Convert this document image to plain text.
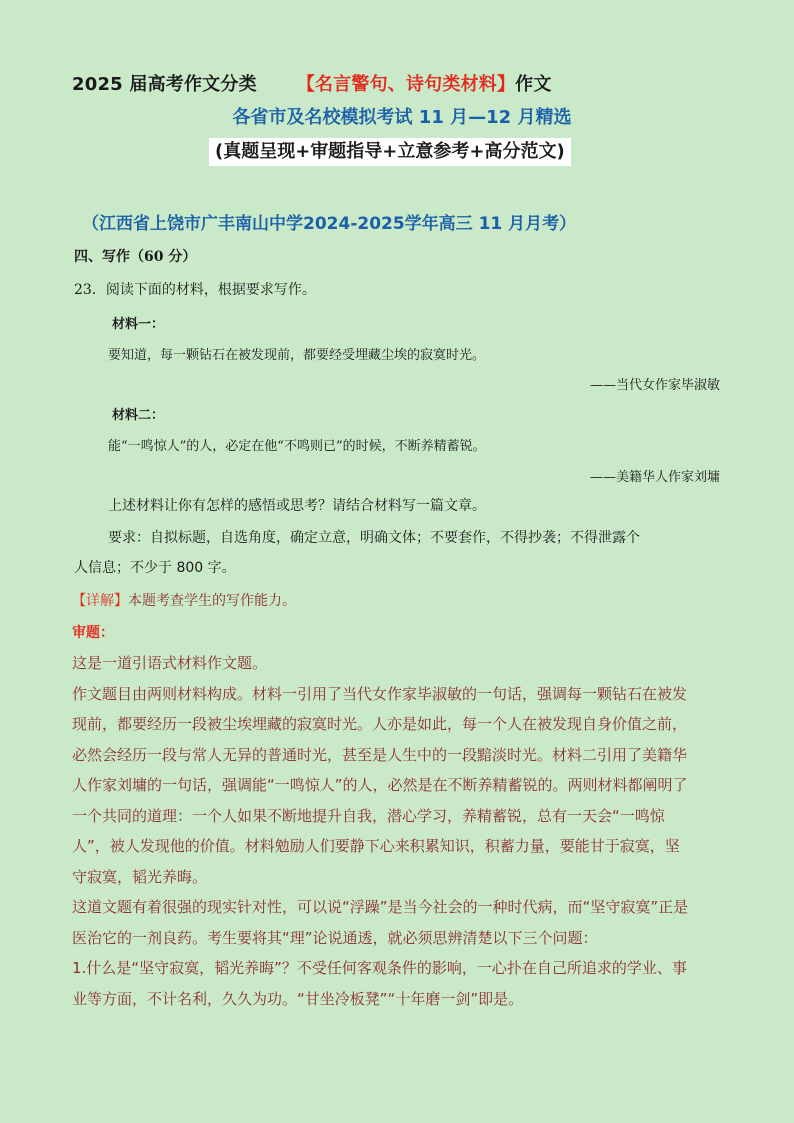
2025 届高考作文分类 【名言警句、诗句类材料】作文
各省市及名校模拟考试 11 月—12 月精选
(真题呈现+审题指导+立意参考+高分范文)
（江西省上饶市广丰南山中学2024-2025学年高三 11 月月考）
四、写作（60 分）
23．阅读下面的材料，根据要求写作。
材料一：
要知道，每一颗钻石在被发现前，都要经受埋藏尘埃的寂寞时光。
——当代女作家毕淑敏
材料二：
能“一鸣惊人”的人，必定在他“不鸣则已”的时候，不断养精蓄锐。
——美籍华人作家刘墉
上述材料让你有怎样的感悟或思考？请结合材料写一篇文章。
要求：自拟标题，自选角度，确定立意，明确文体；不要套作，不得抄袭；不得泄露个
人信息；不少于 800 字。
【详解】本题考查学生的写作能力。
审题：

这是一道引语式材料作文题。

作文题目由两则材料构成。材料一引用了当代女作家毕淑敏的一句话，强调每一颗钻石在被发

现前，都要经历一段被尘埃埋藏的寂寞时光。人亦是如此，每一个人在被发现自身价值之前，

必然会经历一段与常人无异的普通时光，甚至是人生中的一段黯淡时光。材料二引用了美籍华

人作家刘墉的一句话，强调能“一鸣惊人”的人，必然是在不断养精蓄锐的。两则材料都阐明了

一个共同的道理：一个人如果不断地提升自我，潜心学习，养精蓄锐，总有一天会“一鸣惊

人”，被人发现他的价值。材料勉励人们要静下心来积累知识，积蓄力量，要能甘于寂寞，坚

守寂寞，韬光养晦。

这道文题有着很强的现实针对性，可以说“浮躁”是当今社会的一种时代病，而“坚守寂寞”正是

医治它的一剂良药。考生要将其“理”论说通透，就必须思辨清楚以下三个问题：

1.什么是“坚守寂寞，韬光养晦”？不受任何客观条件的影响，一心扑在自己所追求的学业、事

业等方面，不计名利，久久为功。“甘坐冷板凳”“十年磨一剑”即是。
